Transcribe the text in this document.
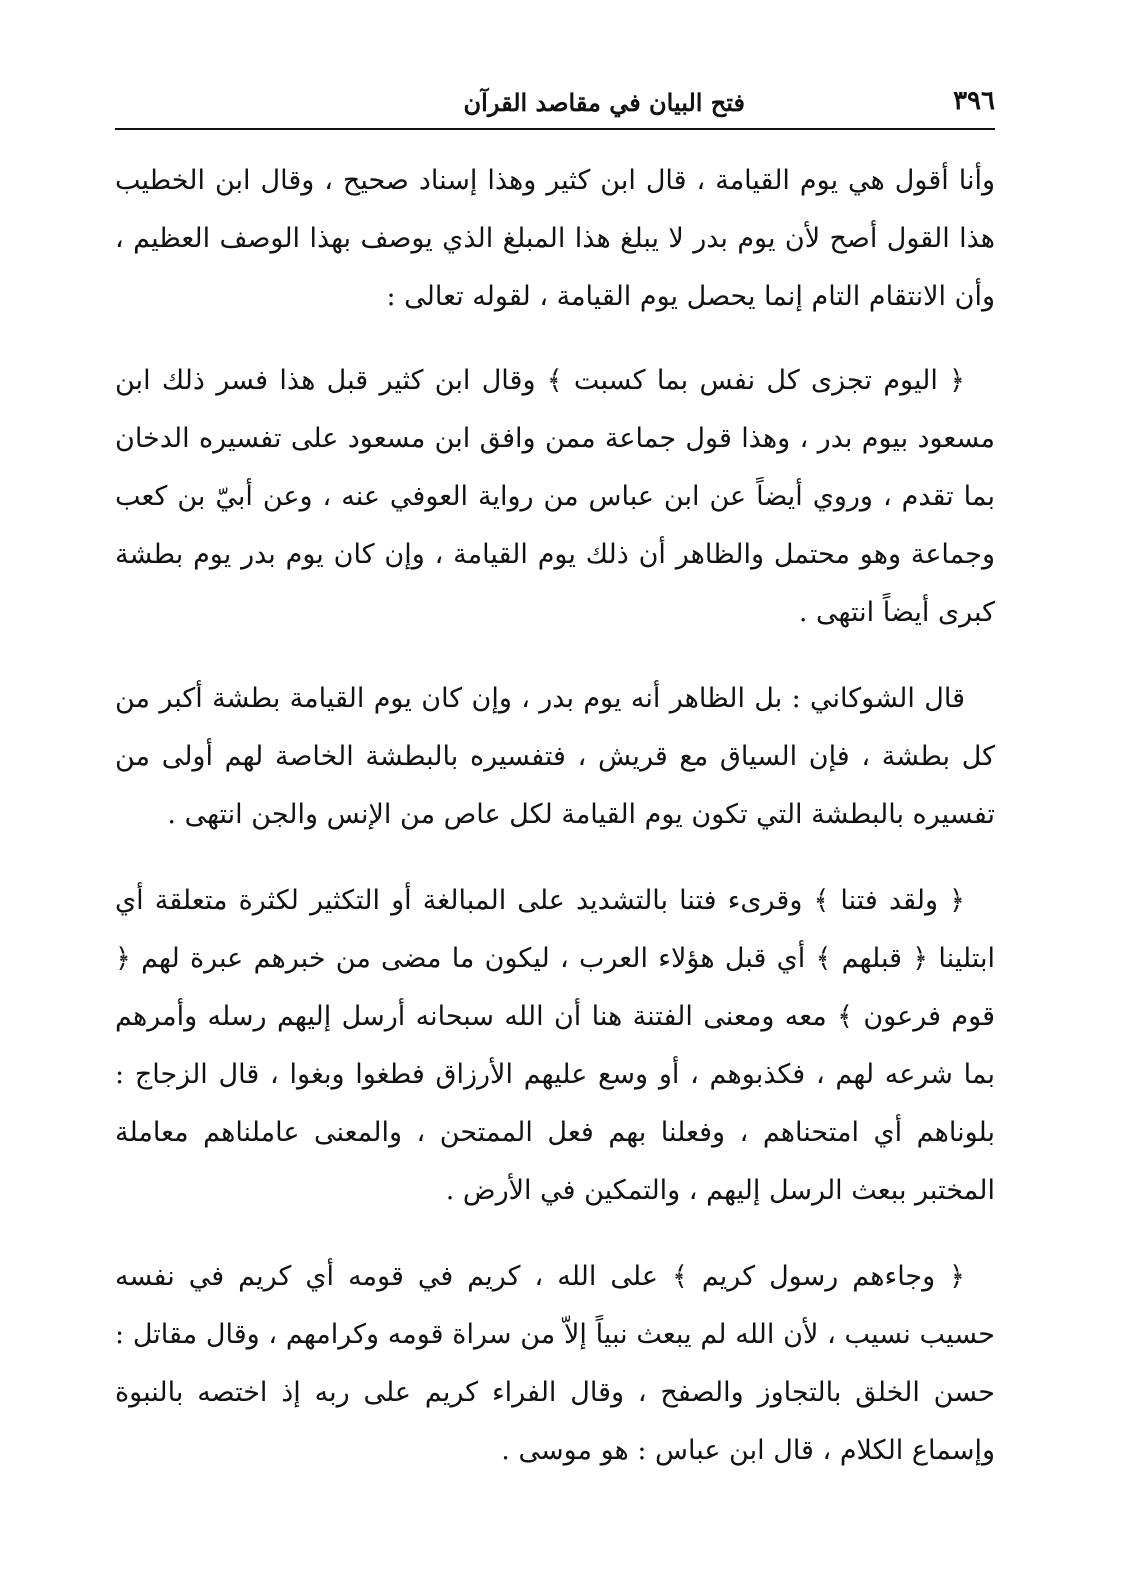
٣٩٦
فتح البيان في مقاصد القرآن

وأنا أقول هي يوم القيامة ، قال ابن كثير وهذا إسناد صحيح ، وقال ابن الخطيب هذا القول أصح لأن يوم بدر لا يبلغ هذا المبلغ الذي يوصف بهذا الوصف العظيم ، وأن الانتقام التام إنما يحصل يوم القيامة ، لقوله تعالى :

﴿ اليوم تجزى كل نفس بما كسبت ﴾ وقال ابن كثير قبل هذا فسر ذلك ابن مسعود بيوم بدر ، وهذا قول جماعة ممن وافق ابن مسعود على تفسيره الدخان بما تقدم ، وروي أيضاً عن ابن عباس من رواية العوفي عنه ، وعن أبيّ بن كعب وجماعة وهو محتمل والظاهر أن ذلك يوم القيامة ، وإن كان يوم بدر يوم بطشة كبرى أيضاً انتهى .

قال الشوكاني : بل الظاهر أنه يوم بدر ، وإن كان يوم القيامة بطشة أكبر من كل بطشة ، فإن السياق مع قريش ، فتفسيره بالبطشة الخاصة لهم أولى من تفسيره بالبطشة التي تكون يوم القيامة لكل عاص من الإنس والجن انتهى .

﴿ ولقد فتنا ﴾ وقرىء فتنا بالتشديد على المبالغة أو التكثير لكثرة متعلقة أي ابتلينا ﴿ قبلهم ﴾ أي قبل هؤلاء العرب ، ليكون ما مضى من خبرهم عبرة لهم ﴿ قوم فرعون ﴾ معه ومعنى الفتنة هنا أن الله سبحانه أرسل إليهم رسله وأمرهم بما شرعه لهم ، فكذبوهم ، أو وسع عليهم الأرزاق فطغوا وبغوا ، قال الزجاج : بلوناهم أي امتحناهم ، وفعلنا بهم فعل الممتحن ، والمعنى عاملناهم معاملة المختبر ببعث الرسل إليهم ، والتمكين في الأرض .

﴿ وجاءهم رسول كريم ﴾ على الله ، كريم في قومه أي كريم في نفسه حسيب نسيب ، لأن الله لم يبعث نبياً إلاّ من سراة قومه وكرامهم ، وقال مقاتل : حسن الخلق بالتجاوز والصفح ، وقال الفراء كريم على ربه إذ اختصه بالنبوة وإسماع الكلام ، قال ابن عباس : هو موسى .
